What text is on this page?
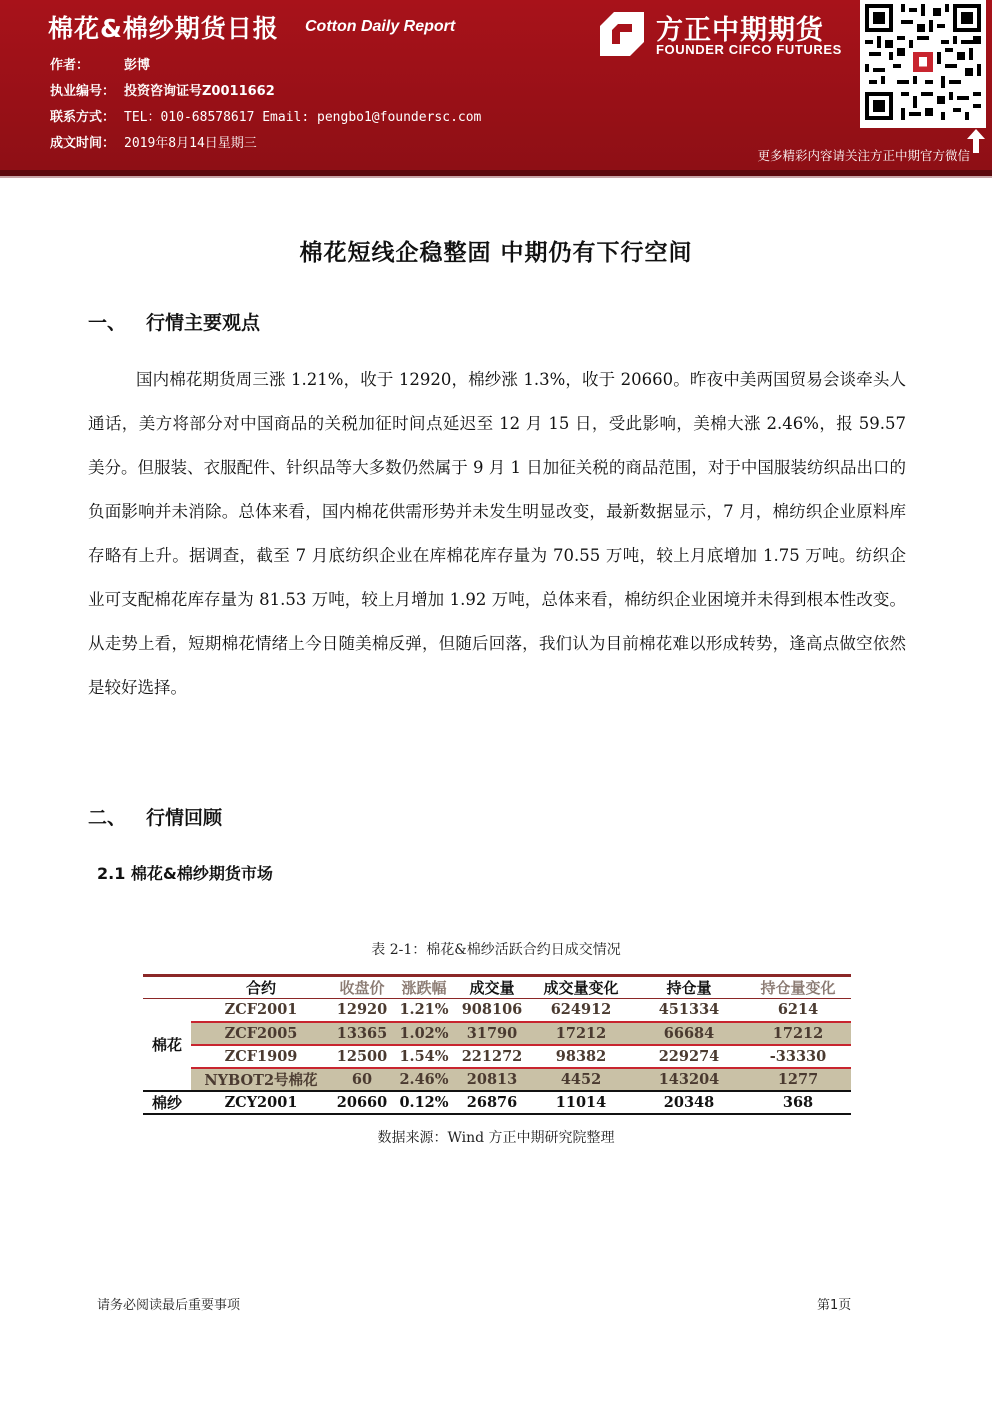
棉花&棉纱期货日报 Cotton Daily Report
作者：	彭博
执业编号： 投资咨询证号Z0011662
联系方式： TEL：010-68578617 Email: pengbo1@foundersc.com
成文时间： 2019年8月14日星期三
方正中期期货
FOUNDER CIFCO FUTURES
更多精彩内容请关注方正中期官方微信
棉花短线企稳整固 中期仍有下行空间
一、 行情主要观点
国内棉花期货周三涨 1.21%，收于 12920，棉纱涨 1.3%，收于 20660。昨夜中美两国贸易会谈牵头人通话，美方将部分对中国商品的关税加征时间点延迟至 12 月 15 日，受此影响，美棉大涨 2.46%，报 59.57 美分。但服装、衣服配件、针织品等大多数仍然属于 9 月 1 日加征关税的商品范围，对于中国服装纺织品出口的负面影响并未消除。总体来看，国内棉花供需形势并未发生明显改变，最新数据显示，7 月，棉纺织企业原料库存略有上升。据调查，截至 7 月底纺织企业在库棉花库存量为 70.55 万吨，较上月底增加 1.75 万吨。纺织企业可支配棉花库存量为 81.53 万吨，较上月增加 1.92 万吨，总体来看，棉纺织企业困境并未得到根本性改变。从走势上看，短期棉花情绪上今日随美棉反弹，但随后回落，我们认为目前棉花难以形成转势，逢高点做空依然是较好选择。
二、 行情回顾
2.1 棉花&棉纱期货市场
表 2-1：棉花&棉纱活跃合约日成交情况
	合约	收盘价	涨跌幅	成交量	成交量变化	持仓量	持仓量变化
棉花	ZCF2001	12920	1.21%	908106	624912	451334	6214
	ZCF2005	13365	1.02%	31790	17212	66684	17212
	ZCF1909	12500	1.54%	221272	98382	229274	-33330
	NYBOT2号棉花	60	2.46%	20813	4452	143204	1277
棉纱	ZCY2001	20660	0.12%	26876	11014	20348	368
数据来源：Wind 方正中期研究院整理
请务必阅读最后重要事项	第1页
